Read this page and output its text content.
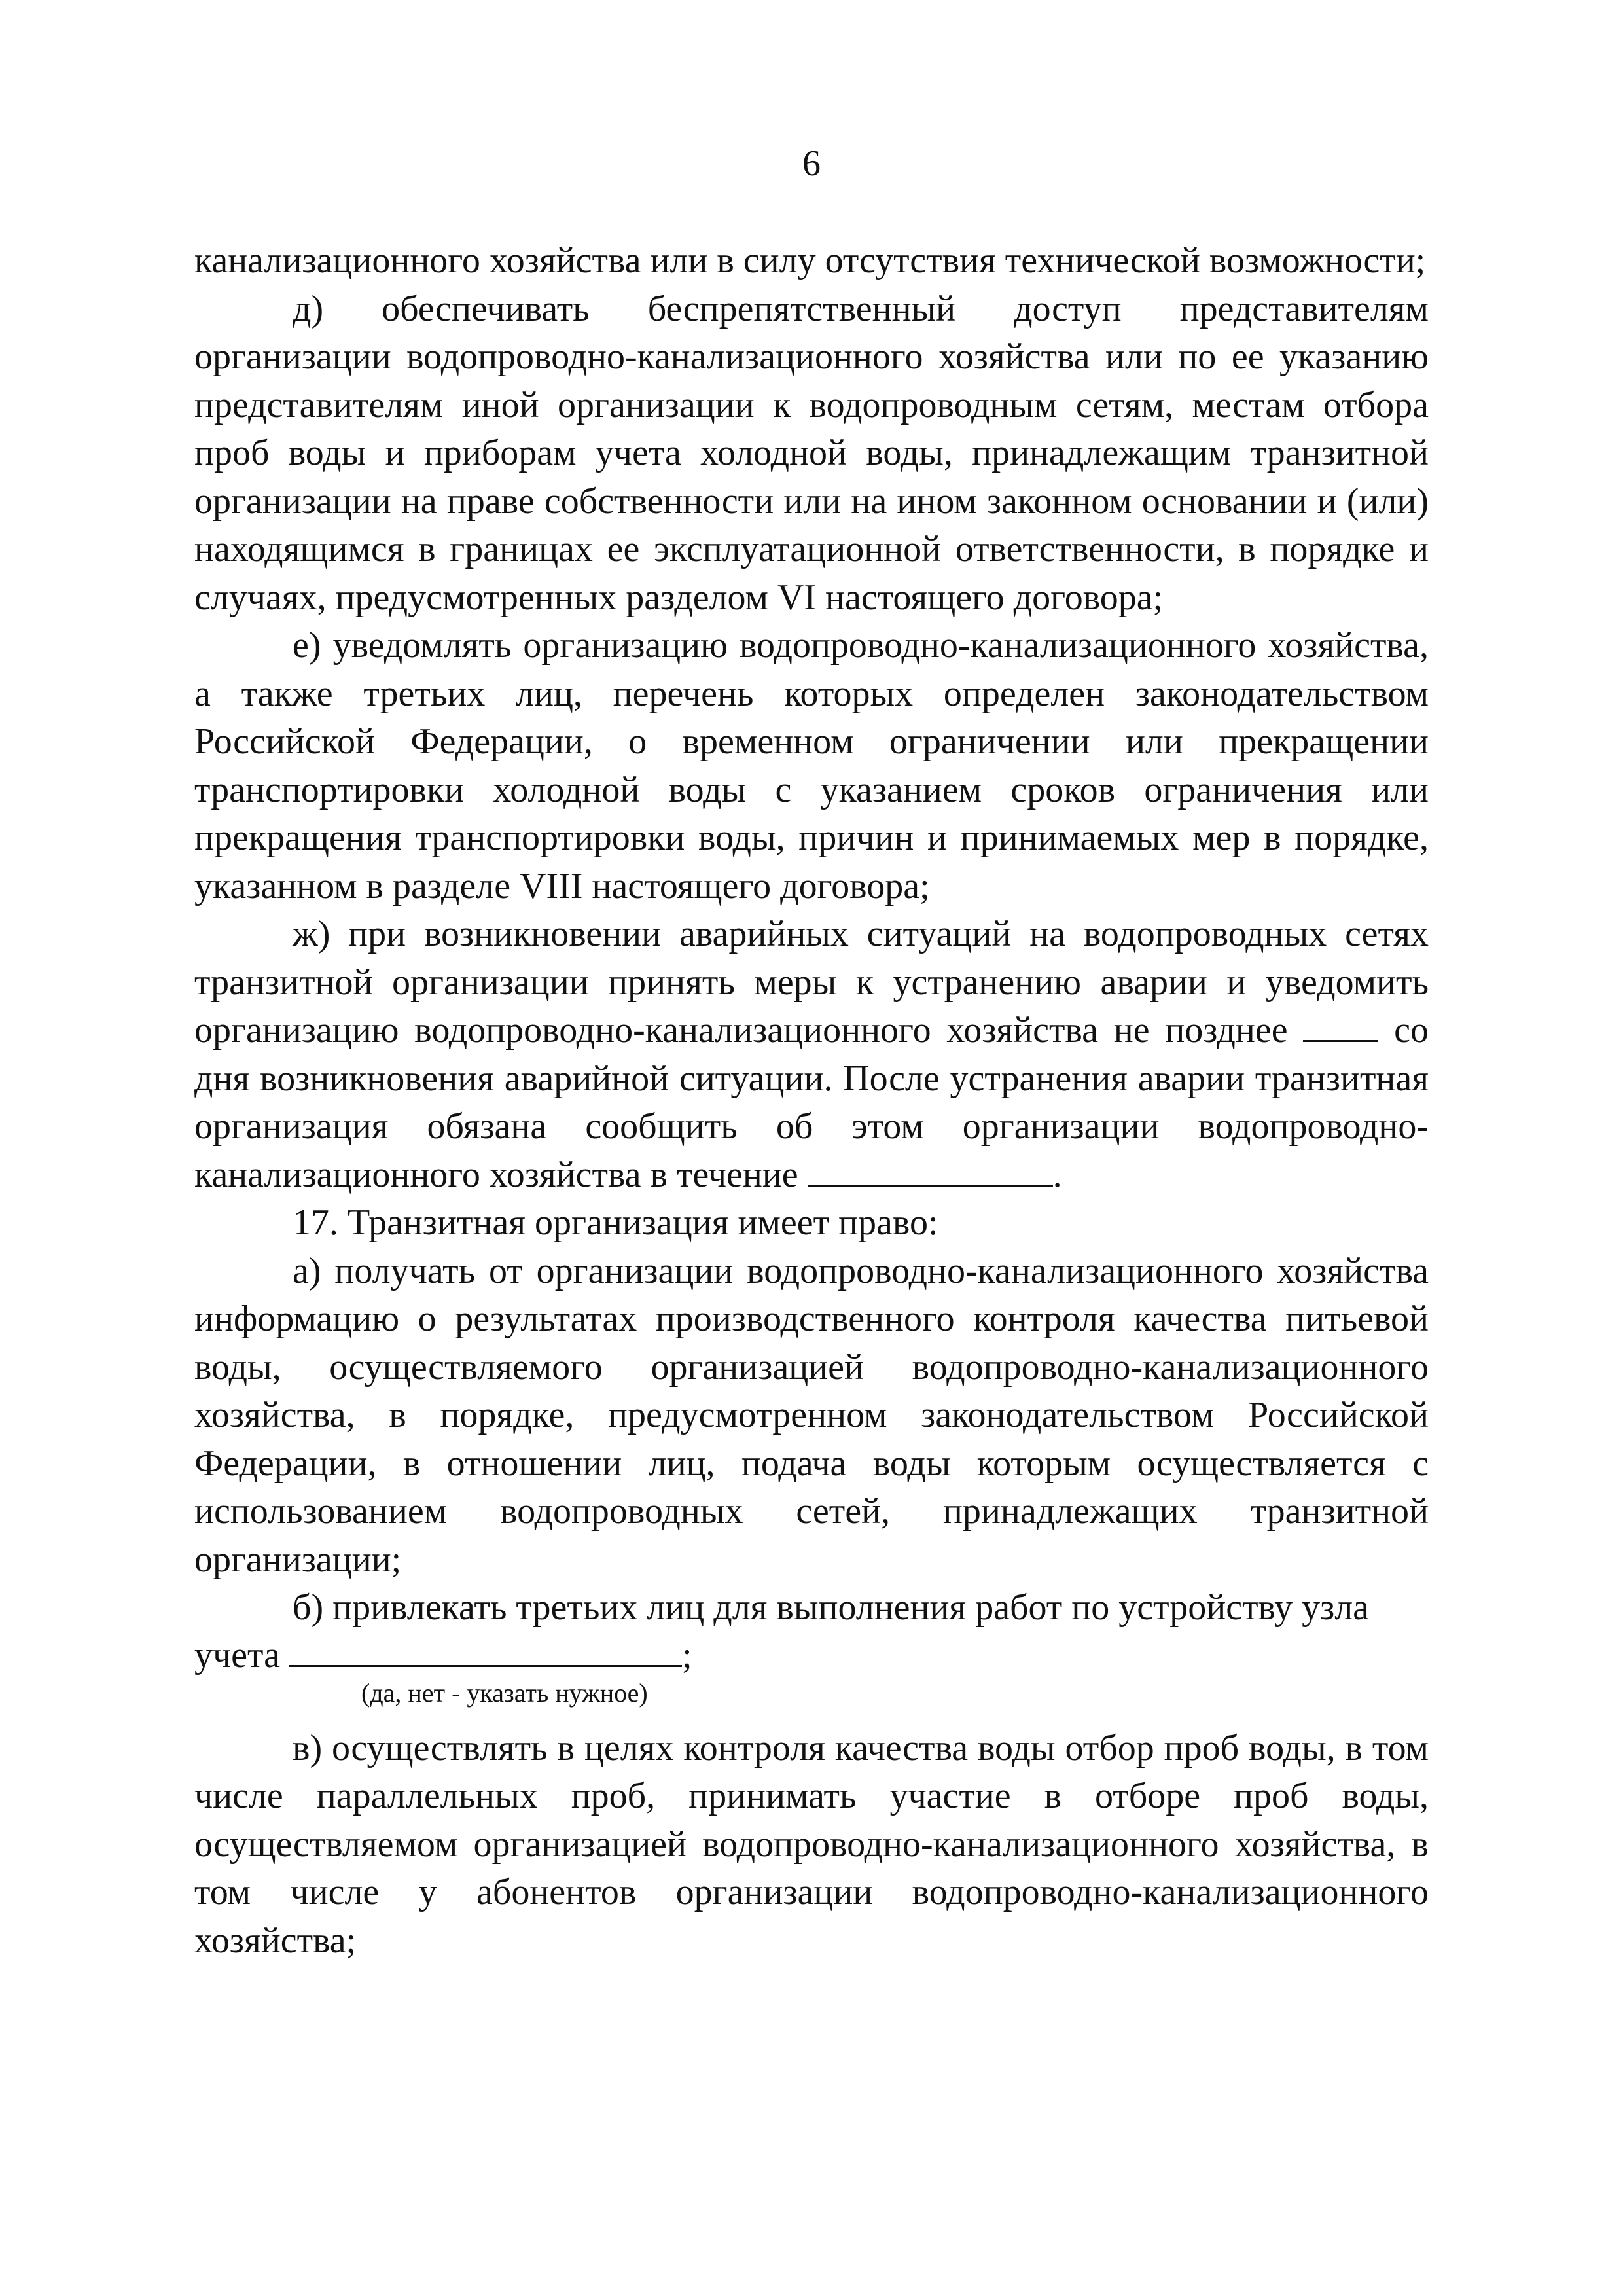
6

канализационного хозяйства или в силу отсутствия технической возможности;

д) обеспечивать беспрепятственный доступ представителям организации водопроводно-канализационного хозяйства или по ее указанию представителям иной организации к водопроводным сетям, местам отбора проб воды и приборам учета холодной воды, принадлежащим транзитной организации на праве собственности или на ином законном основании и (или) находящимся в границах ее эксплуатационной ответственности, в порядке и случаях, предусмотренных разделом VI настоящего договора;

е) уведомлять организацию водопроводно-канализационного хозяйства, а также третьих лиц, перечень которых определен законодательством Российской Федерации, о временном ограничении или прекращении транспортировки холодной воды с указанием сроков ограничения или прекращения транспортировки воды, причин и принимаемых мер в порядке, указанном в разделе VIII настоящего договора;

ж) при возникновении аварийных ситуаций на водопроводных сетях транзитной организации принять меры к устранению аварии и уведомить организацию водопроводно-канализационного хозяйства не позднее	со дня возникновения аварийной ситуации. После устранения аварии транзитная организация обязана сообщить об этом организации водопроводно-канализационного хозяйства в течение	.

17. Транзитная организация имеет право:

а) получать от организации водопроводно-канализационного хозяйства информацию о результатах производственного контроля качества питьевой воды, осуществляемого организацией водопроводно-канализационного хозяйства, в порядке, предусмотренном законодательством Российской Федерации, в отношении лиц, подача воды которым осуществляется с использованием водопроводных сетей, принадлежащих транзитной организации;

б) привлекать третьих лиц для выполнения работ по устройству узла

учета	;
(да, нет - указать нужное)

в) осуществлять в целях контроля качества воды отбор проб воды, в том числе параллельных проб, принимать участие в отборе проб воды, осуществляемом организацией водопроводно-канализационного хозяйства, в том числе у абонентов организации водопроводно-канализационного хозяйства;
